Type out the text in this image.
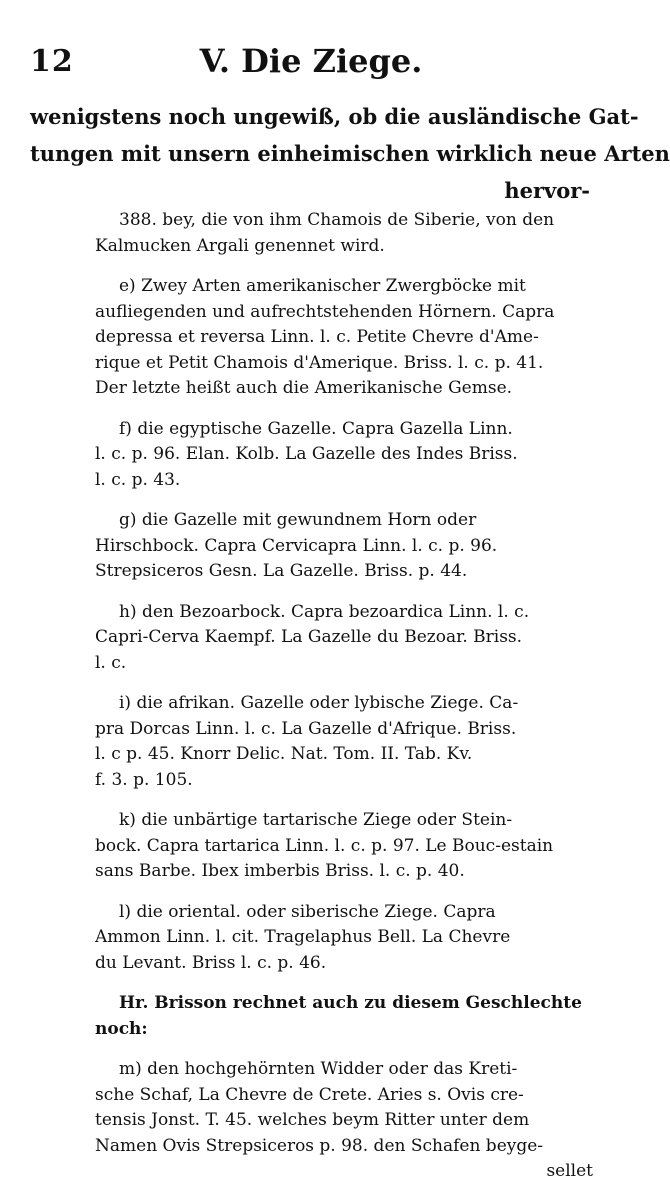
12	V. Die Ziege.
wenigstens noch ungewiß, ob die ausländische Gat-
tungen mit unsern einheimischen wirklich neue Arten
hervor-
388. bey, die von ihm Chamois de Siberie, von den
Kalmucken Argali genennet wird.
e) Zwey Arten amerikanischer Zwergböcke mit
aufliegenden und aufrechtstehenden Hörnern. Capra
depressa et reversa Linn. l. c. Petite Chevre d'Ame-
rique et Petit Chamois d'Amerique. Briss. l. c. p. 41.
Der letzte heißt auch die Amerikanische Gemse.
f) die egyptische Gazelle. Capra Gazella Linn.
l. c. p. 96. Elan. Kolb. La Gazelle des Indes Briss.
l. c. p. 43.
g) die Gazelle mit gewundnem Horn oder
Hirschbock. Capra Cervicapra Linn. l. c. p. 96.
Strepsiceros Gesn. La Gazelle. Briss. p. 44.
h) den Bezoarbock. Capra bezoardica Linn. l. c.
Capri-Cerva Kaempf. La Gazelle du Bezoar. Briss.
l. c.
i) die afrikan. Gazelle oder lybische Ziege. Ca-
pra Dorcas Linn. l. c. La Gazelle d'Afrique. Briss.
l. c p. 45. Knorr Delic. Nat. Tom. II. Tab. Kv.
f. 3. p. 105.
k) die unbärtige tartarische Ziege oder Stein-
bock. Capra tartarica Linn. l. c. p. 97. Le Bouc-estain
sans Barbe. Ibex imberbis Briss. l. c. p. 40.
l) die oriental. oder siberische Ziege. Capra
Ammon Linn. l. cit. Tragelaphus Bell. La Chevre
du Levant. Briss l. c. p. 46.
Hr. Brisson rechnet auch zu diesem Geschlechte
noch:
m) den hochgehörnten Widder oder das Kreti-
sche Schaf, La Chevre de Crete. Aries s. Ovis cre-
tensis Jonst. T. 45. welches beym Ritter unter dem
Namen Ovis Strepsiceros p. 98. den Schafen beyge-
sellet
